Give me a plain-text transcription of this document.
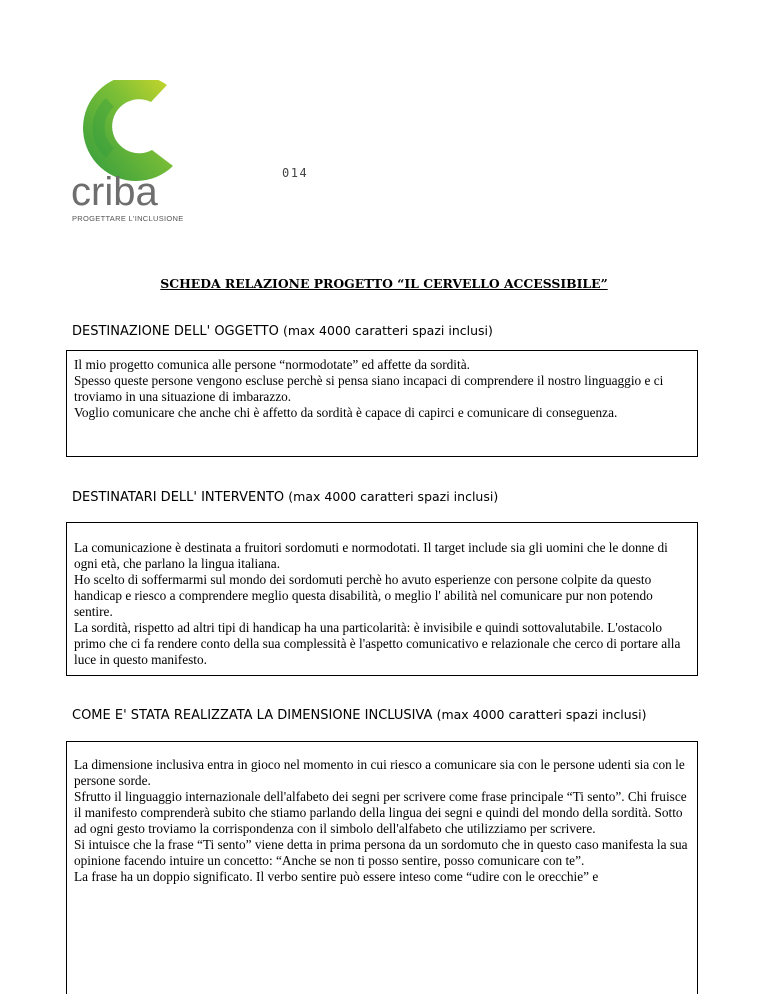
criba
PROGETTARE L'INCLUSIONE
014
SCHEDA RELAZIONE PROGETTO “IL CERVELLO ACCESSIBILE”
DESTINAZIONE DELL' OGGETTO (max 4000 caratteri spazi inclusi)

Il mio progetto comunica alle persone “normodotate” ed affette da sordità.

Spesso queste persone vengono escluse perchè si pensa siano incapaci di comprendere il nostro linguaggio e ci troviamo in una situazione di imbarazzo.

Voglio comunicare che anche chi è affetto da sordità è capace di capirci e comunicare di conseguenza.

DESTINATARI DELL' INTERVENTO (max 4000 caratteri spazi inclusi)

La comunicazione è destinata a fruitori sordomuti e normodotati. Il target include sia gli uomini che le donne di ogni età, che parlano la lingua italiana.

Ho scelto di soffermarmi sul mondo dei sordomuti perchè ho avuto esperienze con persone colpite da questo handicap e riesco a comprendere meglio questa disabilità, o meglio l' abilità nel comunicare pur non potendo sentire.

La sordità, rispetto ad altri tipi di handicap ha una particolarità: è invisibile e quindi sottovalutabile. L'ostacolo primo che ci fa rendere conto della sua complessità è l'aspetto comunicativo e relazionale che cerco di portare alla luce in questo manifesto.

COME E' STATA REALIZZATA LA DIMENSIONE INCLUSIVA (max 4000 caratteri spazi inclusi)

La dimensione inclusiva entra in gioco nel momento in cui riesco a comunicare sia con le persone udenti sia con le persone sorde.

Sfrutto il linguaggio internazionale dell'alfabeto dei segni per scrivere come frase principale “Ti sento”. Chi fruisce il manifesto comprenderà subito che stiamo parlando della lingua dei segni e quindi del mondo della sordità. Sotto ad ogni gesto troviamo la corrispondenza con il simbolo dell'alfabeto che utilizziamo per scrivere.

Si intuisce che la frase “Ti sento” viene detta in prima persona da un sordomuto che in questo caso manifesta la sua opinione facendo intuire un concetto: “Anche se non ti posso sentire, posso comunicare con te”.

La frase ha un doppio significato. Il verbo sentire può essere inteso come “udire con le orecchie” e
